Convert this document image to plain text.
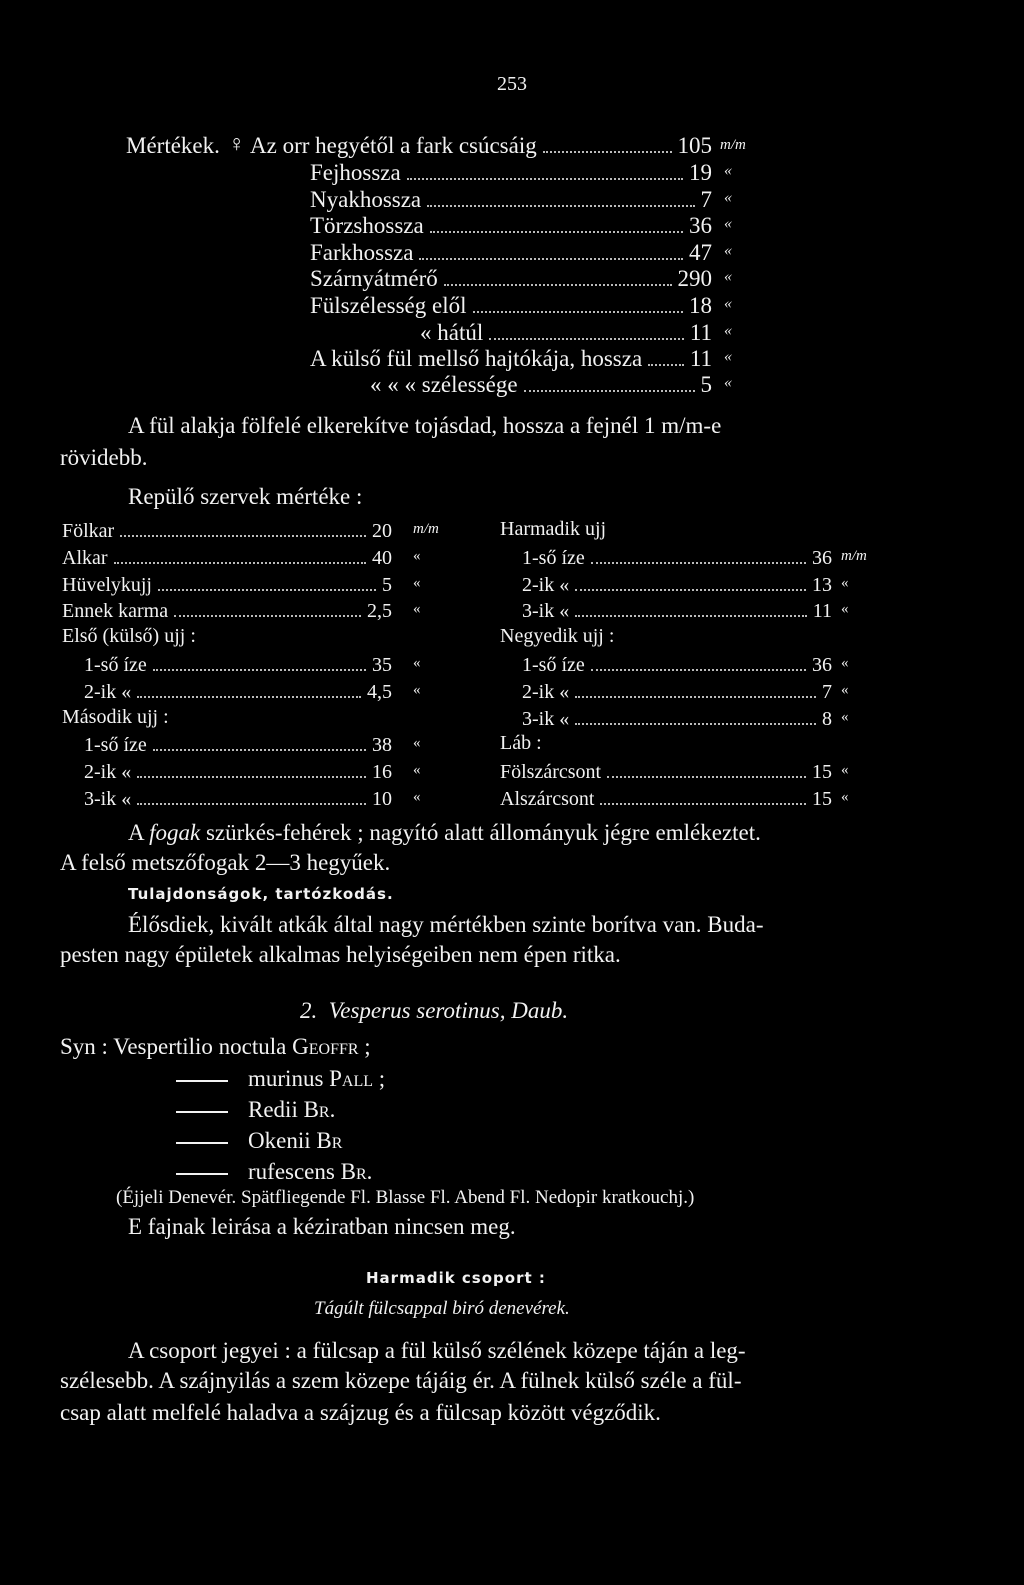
253
Mértékek. ♀ Az orr hegyétől a fark csúcsáig	105
Fejhossza	19 «
Nyakhossza	7 «
Törzshossza	36 «
Farkhossza	47 «
Szárnyátmérő	290 «
Fülszélesség elől	18 «
« hátúl	11 «
A külső fül mellső hajtókája, hossza 11 «
« « « szélessége	5 «
m/m
A fül alakja fölfelé elkerekítve tojásdad, hossza a fejnél 1 m/m-e
rövidebb.
Repülő szervek mértéke :
Fölkar	20 m/m
Alkar	40 «
Hüvelykujj	5 «
Ennek karma	2,5 «
Első (külső) ujj :
1-ső íze	35 «
2-ik «	4,5 «
Második ujj :
1-ső íze	38 «
2-ik «	16 «
3-ik «	10 «
Harmadik ujj
1-ső íze	36 m/m
2-ik «	13 «
3-ik «	11 «
Negyedik ujj :
1-ső íze	36 «
2-ik «	7 «
3-ik «	8 «
Láb :
Fölszárcsont	15 «
Alszárcsont	15 «
A fogak szürkés-fehérek ; nagyító alatt állományuk jégre emlékeztet.
A felső metszőfogak 2—3 hegyűek.
Tulajdonságok, tartózkodás.
Élősdiek, kivált atkák által nagy mértékben szinte borítva van. Buda-
pesten nagy épületek alkalmas helyiségeiben nem épen ritka.
2. Vesperus serotinus, Daub.
Syn : Vespertilio noctula Geoffr ;
murinus Pall ;
Redii Br.
Okenii Br
rufescens Br.
(Éjjeli Denevér. Spätfliegende Fl. Blasse Fl. Abend Fl. Nedopir kratkouchj.)
E fajnak leirása a kéziratban nincsen meg.
Harmadik csoport :
Tágúlt fülcsappal biró denevérek.
A csoport jegyei : a fülcsap a fül külső szélének közepe táján a leg-
szélesebb. A szájnyilás a szem közepe tájáig ér. A fülnek külső széle a fül-
csap alatt melfelé haladva a szájzug és a fülcsap között végződik.
